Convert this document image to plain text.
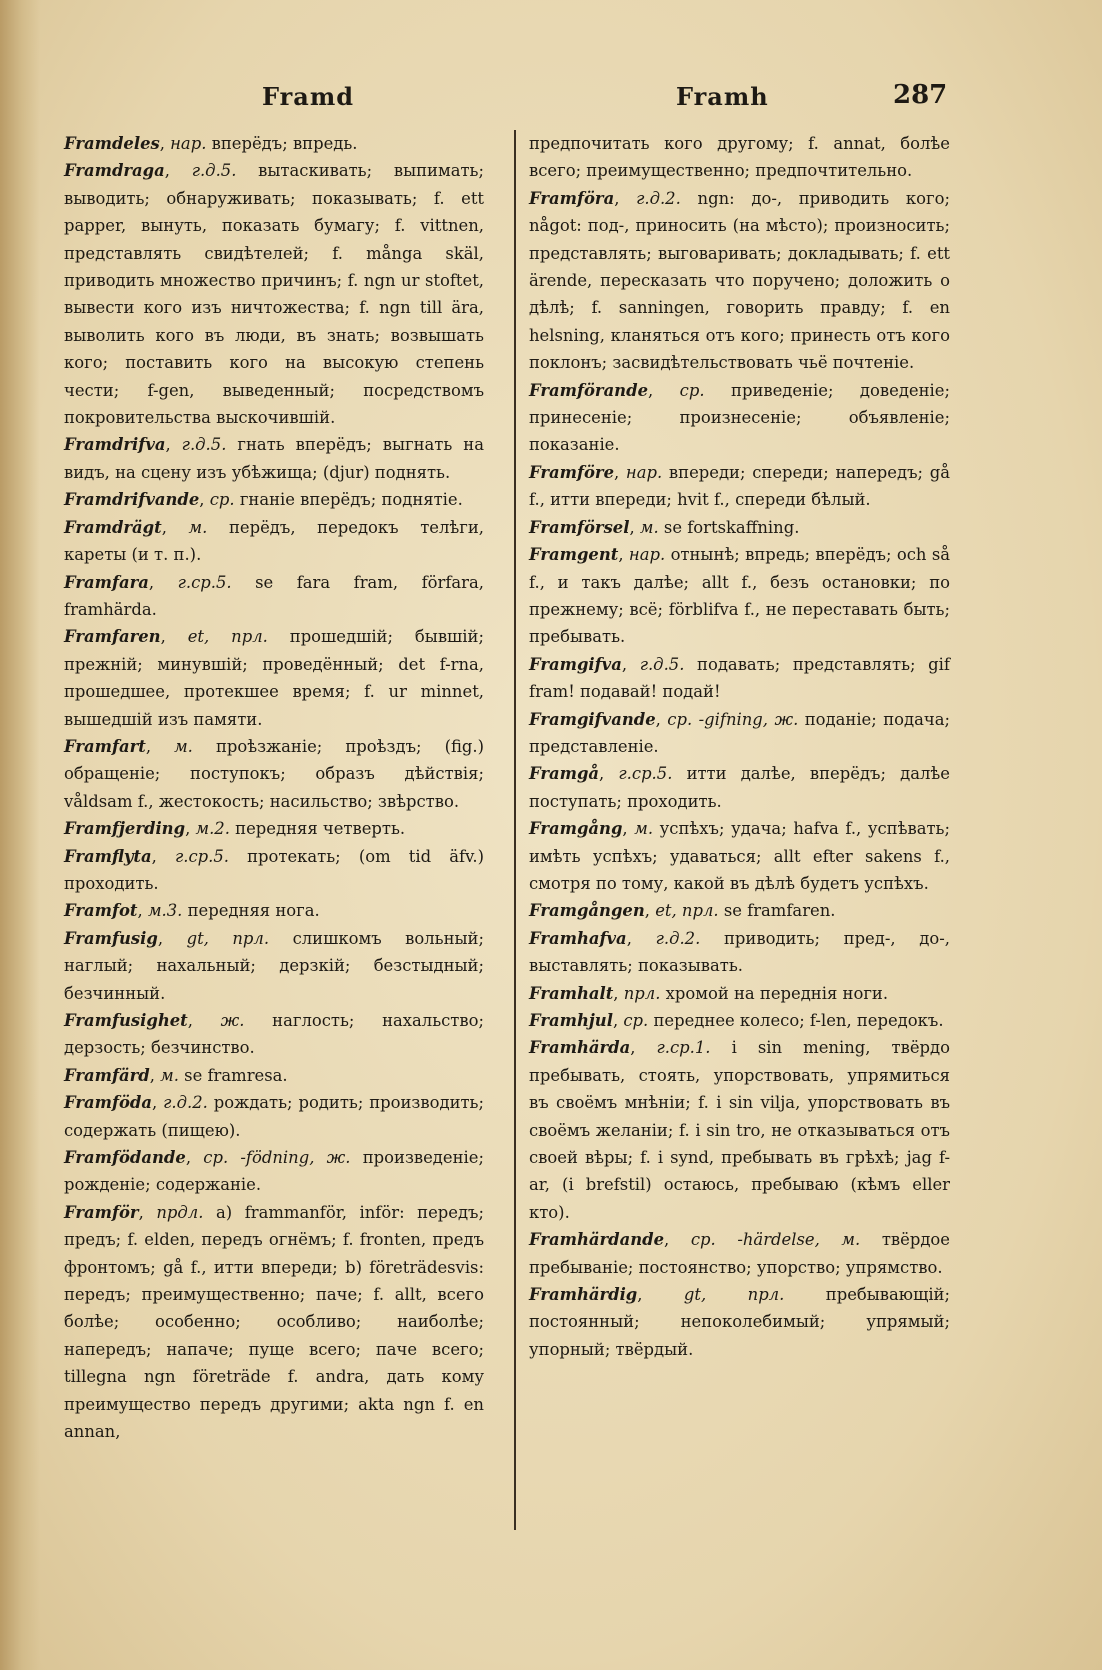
Framd	Framh	287

Framdeles, нар. вперёдъ; впредь.

Framdraga, г.д.5. вытаскивать; выпимать; выводить; обнаруживать; показывать; f. ett papper, вынуть, показать бумагу; f. vittnen, представлять свидѣтелей; f. många skäl, приводить множество причинъ; f. ngn ur stoftet, вывести кого изъ ничтожества; f. ngn till ära, выволить кого въ люди, въ знать; возвышать кого; поставить кого на высокую степень чести; f-gen, выведенный; посредствомъ покровительства выскочившій.

Framdrifva, г.д.5. гнать вперёдъ; выгнать на видъ, на сцену изъ убѣжища; (djur) поднять.

Framdrifvande, ср. гнаніе вперёдъ; поднятіе.

Framdrägt, м. перёдъ, передокъ телѣги, кареты (и т. п.).

Framfara, г.ср.5. se fara fram, förfara, framhärda.

Framfaren, et, прл. прошедшій; бывшій; прежній; минувшій; проведённый; det f-rna, прошедшее, протекшее время; f. ur minnet, вышедшій изъ памяти.

Framfart, м. проѣзжаніе; проѣздъ; (fig.) обращеніе; поступокъ; образъ дѣйствія; våldsam f., жестокость; насильство; звѣрство.

Framfjerding, м.2. передняя четверть.

Framflyta, г.ср.5. протекать; (om tid äfv.) проходить.

Framfot, м.3. передняя нога.

Framfusig, gt, прл. слишкомъ вольный; наглый; нахальный; дерзкій; безстыдный; безчинный.

Framfusighet, ж. наглость; нахальство; дерзость; безчинство.

Framfärd, м. se framresa.

Framföda, г.д.2. рождать; родить; производить; содержать (пищею).

Framfödande, ср. -födning, ж. произведеніе; рожденіе; содержаніе.

Framför, прдл. a) frammanför, inför: передъ; предъ; f. elden, передъ огнёмъ; f. fronten, предъ фронтомъ; gå f., итти впереди; b) företrädesvis: передъ; преимущественно; паче; f. allt, всего болѣе; особенно; особливо; наиболѣе; напередъ; напаче; пуще всего; паче всего; tillegna ngn företräde f. andra, дать кому преимущество передъ другими; akta ngn f. en annan,

предпочитать кого другому; f. annat, болѣе всего; преимущественно; предпочтительно.

Framföra, г.д.2. ngn: до-, приводить кого; något: под-, приносить (на мѣсто); произносить; представлять; выговаривать; докладывать; f. ett ärende, пересказать что поручено; доложить о дѣлѣ; f. sanningen, говорить правду; f. en helsning, кланяться отъ кого; принесть отъ кого поклонъ; засвидѣтельствовать чьё почтеніе.

Framförande, ср. приведеніе; доведеніе; принесеніе; произнесеніе; объявленіе; показаніе.

Framföre, нар. впереди; спереди; напередъ; gå f., итти впереди; hvit f., спереди бѣлый.

Framförsel, м. se fortskaffning.

Framgent, нар. отнынѣ; впредь; вперёдъ; och så f., и такъ далѣе; allt f., безъ остановки; по прежнему; всё; förblifva f., не переставать быть; пребывать.

Framgifva, г.д.5. подавать; представлять; gif fram! подавай! подай!

Framgifvande, ср. -gifning, ж. поданіе; подача; представленіе.

Framgå, г.ср.5. итти далѣе, вперёдъ; далѣе поступать; проходить.

Framgång, м. успѣхъ; удача; hafva f., успѣвать; имѣть успѣхъ; удаваться; allt efter sakens f., смотря по тому, какой въ дѣлѣ будетъ успѣхъ.

Framgången, et, прл. se framfaren.

Framhafva, г.д.2. приводить; пред-, до-, выставлять; показывать.

Framhalt, прл. хромой на переднія ноги.

Framhjul, ср. переднее колесо; f-len, передокъ.

Framhärda, г.ср.1. i sin mening, твёрдо пребывать, стоять, упорствовать, упрямиться въ своёмъ мнѣніи; f. i sin vilja, упорствовать въ своёмъ желаніи; f. i sin tro, не отказываться отъ своей вѣры; f. i synd, пребывать въ грѣхѣ; jag f-ar, (i brefstil) остаюсь, пребываю (кѣмъ eller кто).

Framhärdande, ср. -härdelse, м. твёрдое пребываніе; постоянство; упорство; упрямство.

Framhärdig, gt, прл.	пребывающій; постоянный; непоколебимый; упрямый; упорный; твёрдый.
